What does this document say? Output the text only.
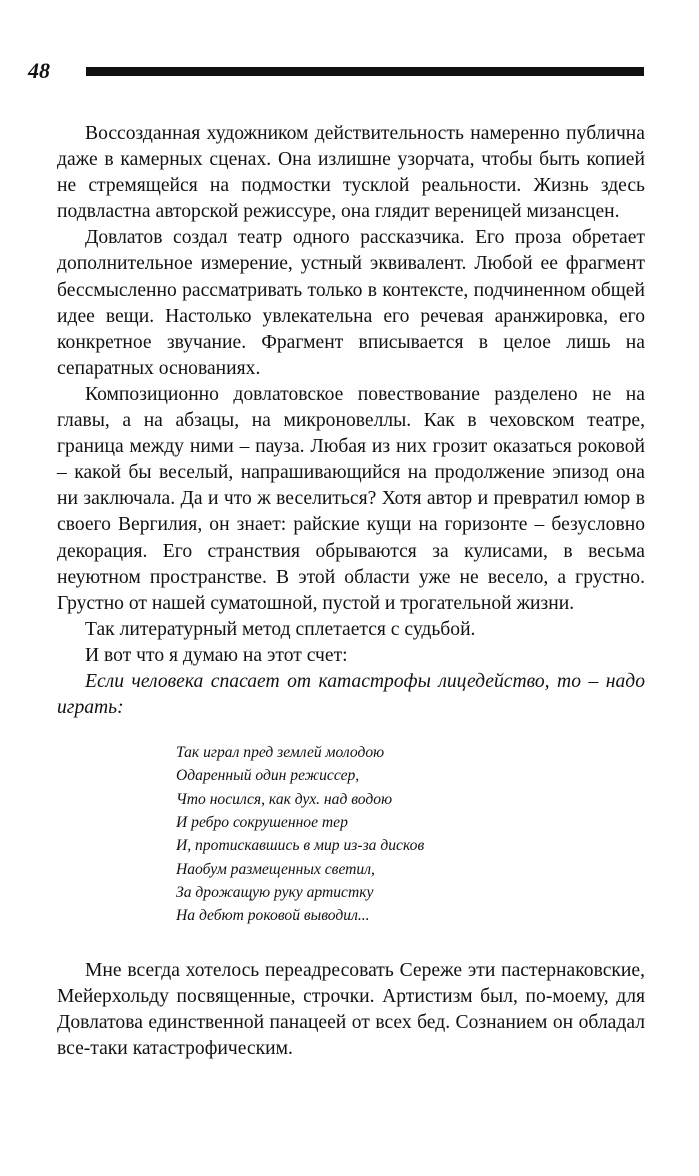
48

Воссозданная художником действительность намеренно публична даже в камерных сценах. Она излишне узорчата, чтобы быть копией не стремящейся на подмостки тусклой реальности. Жизнь здесь подвластна авторской режиссуре, она глядит вереницей мизансцен.

Довлатов создал театр одного рассказчика. Его проза обретает дополнительное измерение, устный эквивалент. Любой ее фрагмент бессмысленно рассматривать только в контексте, подчиненном общей идее вещи. Настолько увлекательна его речевая аранжировка, его конкретное звучание. Фрагмент вписывается в целое лишь на сепаратных основаниях.

Композиционно довлатовское повествование разделено не на главы, а на абзацы, на микроновеллы. Как в чеховском театре, граница между ними – пауза. Любая из них грозит оказаться роковой – какой бы веселый, напрашивающийся на продолжение эпизод она ни заключала. Да и что ж веселиться? Хотя автор и превратил юмор в своего Вергилия, он знает: райские кущи на горизонте – безусловно декорация. Его странствия обрываются за кулисами, в весьма неуютном пространстве. В этой области уже не весело, а грустно. Грустно от нашей суматошной, пустой и трогательной жизни.

Так литературный метод сплетается с судьбой.

И вот что я думаю на этот счет:

Если человека спасает от катастрофы лицедейство, то – надо играть:

Так играл пред землей молодою
Одаренный один режиссер,
Что носился, как дух. над водою
И ребро сокрушенное тер
И, протискавшись в мир из-за дисков
Наобум размещенных светил,
За дрожащую руку артистку
На дебют роковой выводил...

Мне всегда хотелось переадресовать Сереже эти пастернаковские, Мейерхольду посвященные, строчки. Артистизм был, по-моему, для Довлатова единственной панацеей от всех бед. Сознанием он обладал все-таки катастрофическим.
